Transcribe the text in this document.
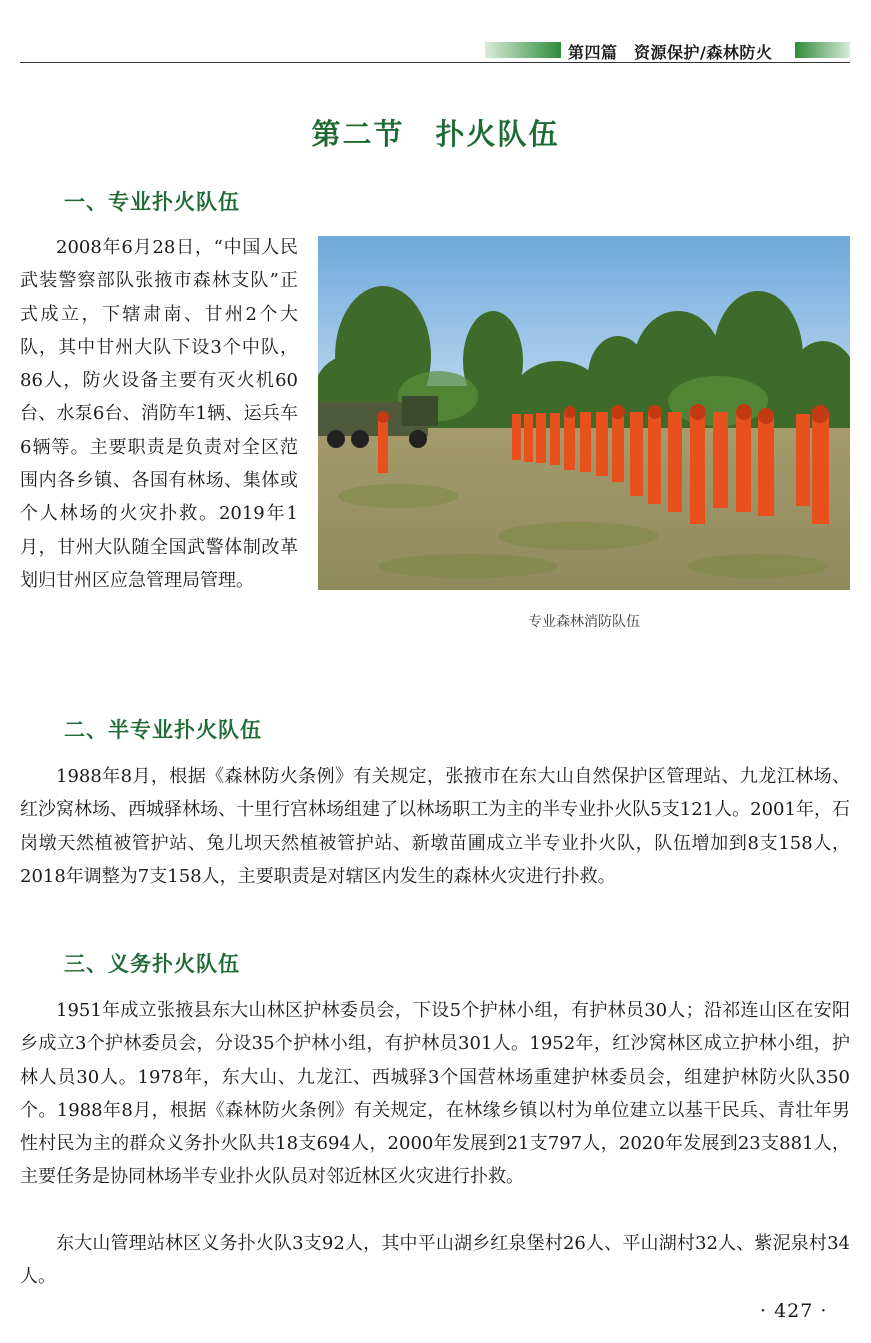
第四篇　资源保护/森林防火
第二节　扑火队伍
一、专业扑火队伍

2008年6月28日，“中国人民武装警察部队张掖市森林支队”正式成立，下辖肃南、甘州2个大队，其中甘州大队下设3个中队，86人，防火设备主要有灭火机60台、水泵6台、消防车1辆、运兵车6辆等。主要职责是负责对全区范围内各乡镇、各国有林场、集体或个人林场的火灾扑救。2019年1月，甘州大队随全国武警体制改革划归甘州区应急管理局管理。

专业森林消防队伍
二、半专业扑火队伍

1988年8月，根据《森林防火条例》有关规定，张掖市在东大山自然保护区管理站、九龙江林场、红沙窝林场、西城驿林场、十里行宫林场组建了以林场职工为主的半专业扑火队5支121人。2001年，石岗墩天然植被管护站、兔儿坝天然植被管护站、新墩苗圃成立半专业扑火队，队伍增加到8支158人，2018年调整为7支158人，主要职责是对辖区内发生的森林火灾进行扑救。

三、义务扑火队伍

1951年成立张掖县东大山林区护林委员会，下设5个护林小组，有护林员30人；沿祁连山区在安阳乡成立3个护林委员会，分设35个护林小组，有护林员301人。1952年，红沙窝林区成立护林小组，护林人员30人。1978年，东大山、九龙江、西城驿3个国营林场重建护林委员会，组建护林防火队350个。1988年8月，根据《森林防火条例》有关规定，在林缘乡镇以村为单位建立以基干民兵、青壮年男性村民为主的群众义务扑火队共18支694人，2000年发展到21支797人，2020年发展到23支881人，主要任务是协同林场半专业扑火队员对邻近林区火灾进行扑救。

东大山管理站林区义务扑火队3支92人，其中平山湖乡红泉堡村26人、平山湖村32人、紫泥泉村34人。

· 427 ·
